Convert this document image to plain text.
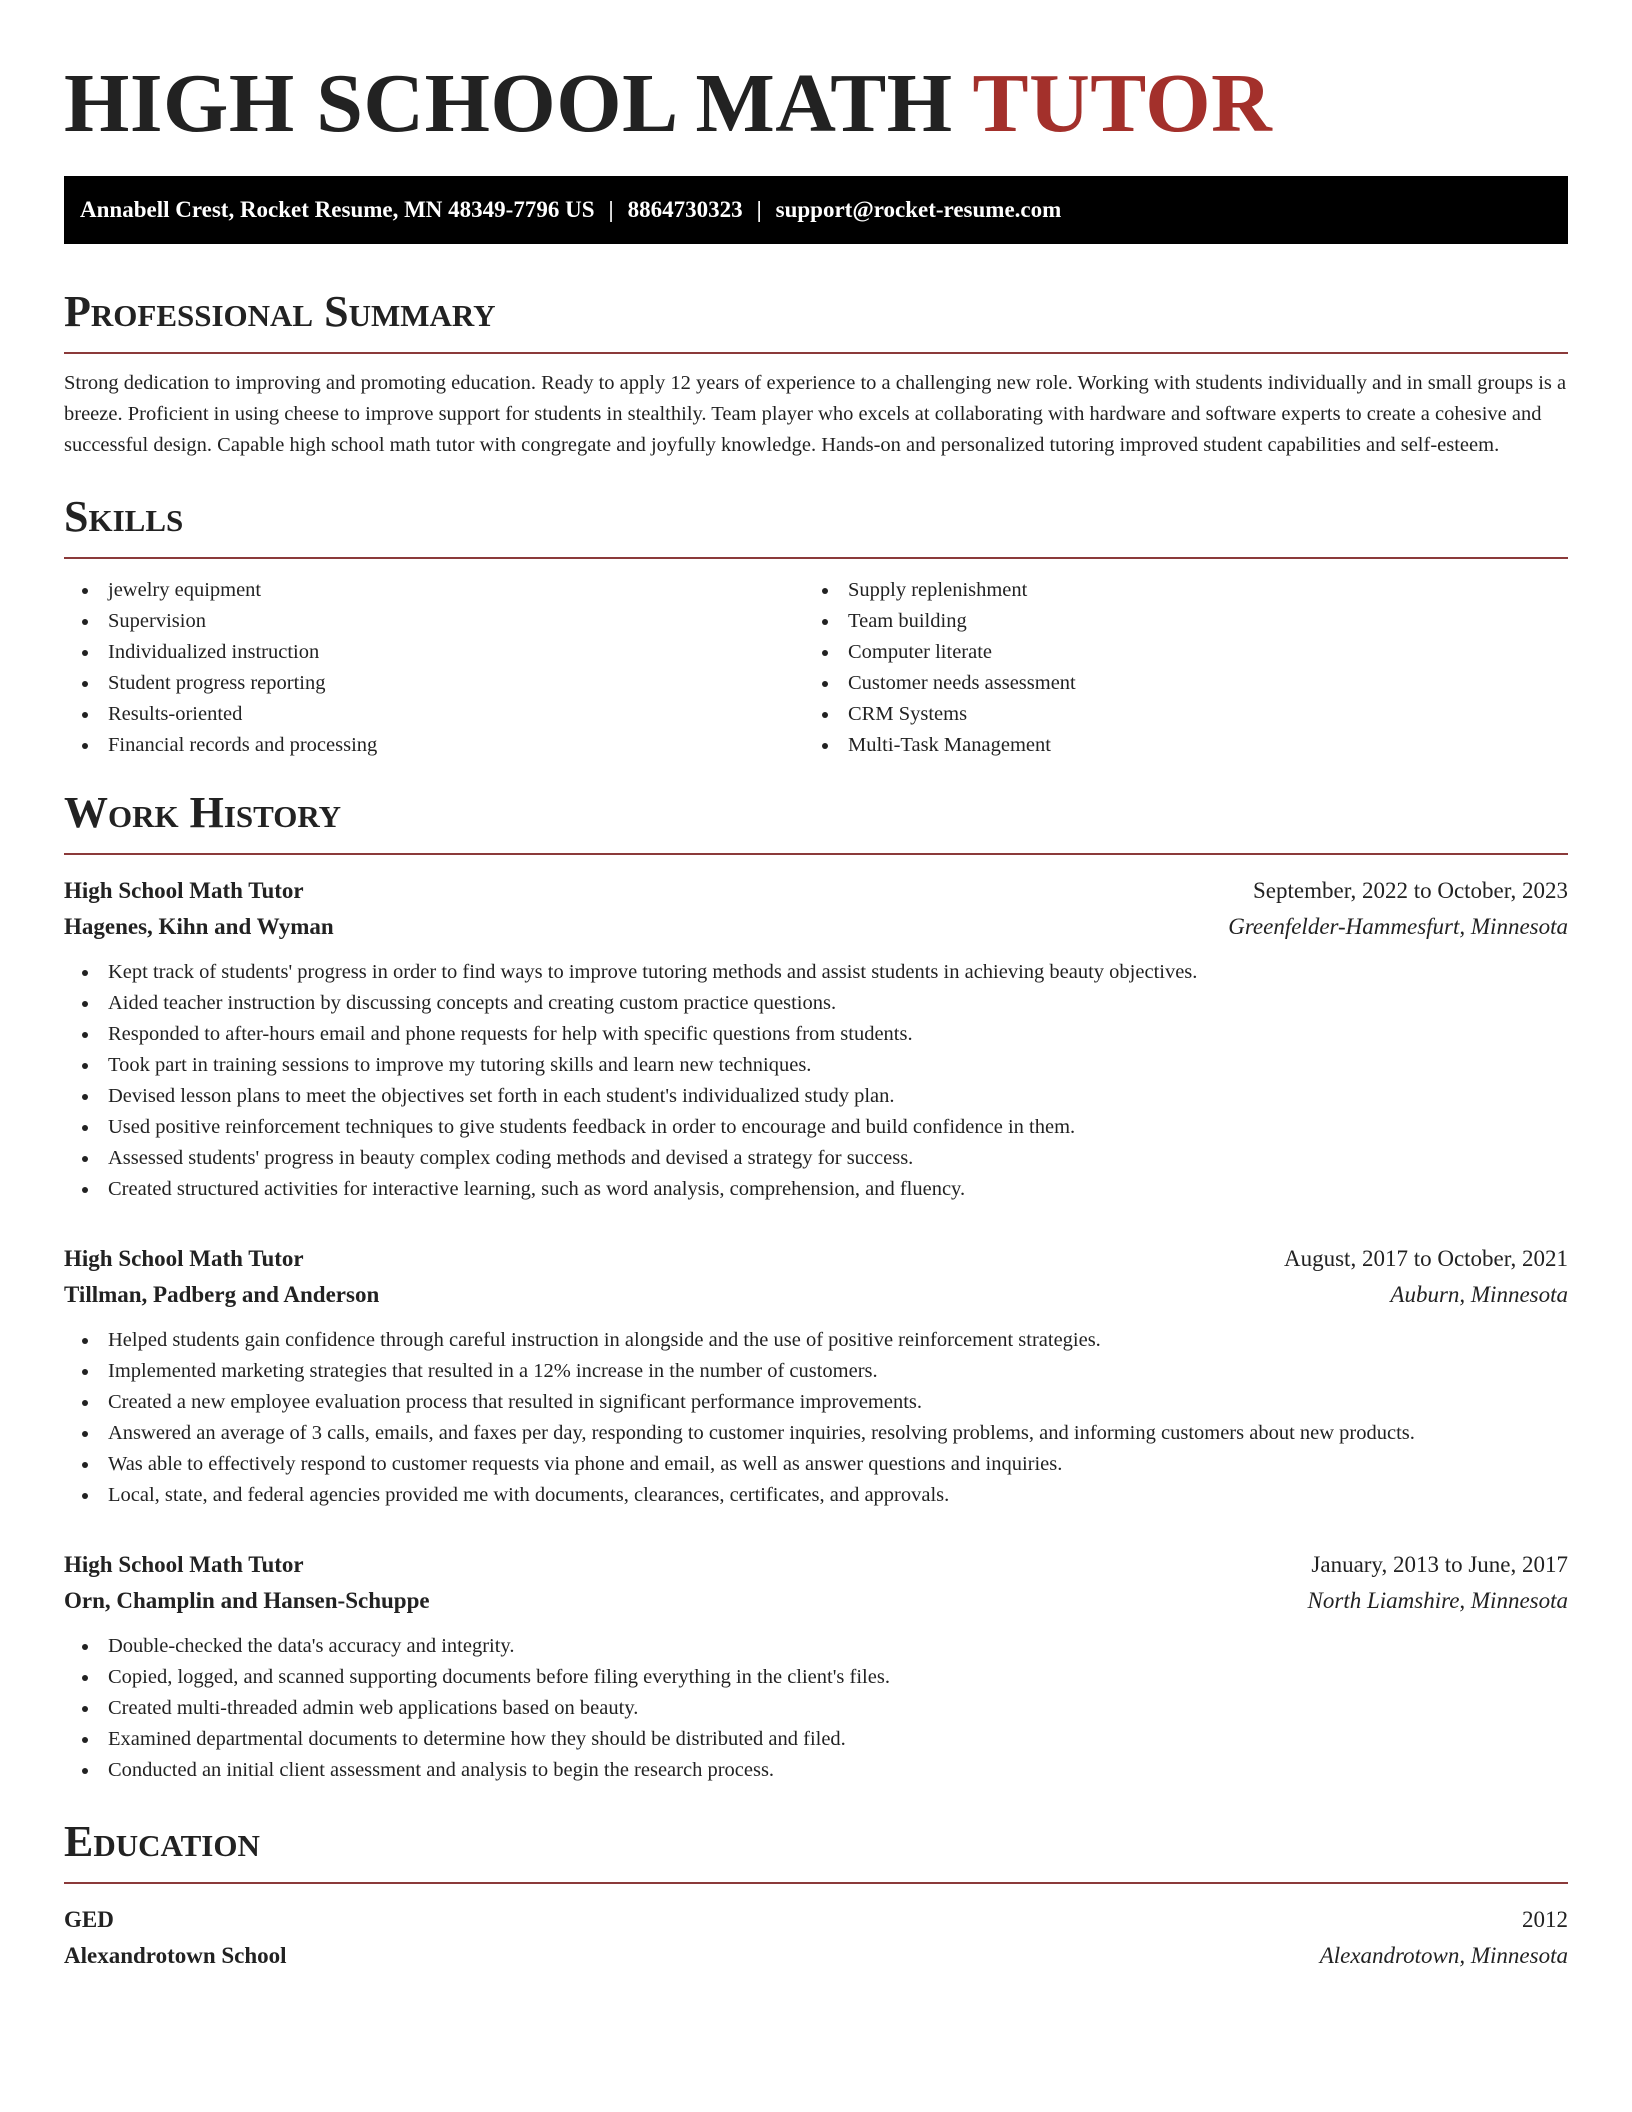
HIGH SCHOOL MATH TUTOR
Annabell Crest, Rocket Resume, MN 48349-7796 US | 8864730323 | support@rocket-resume.com
Professional Summary

Strong dedication to improving and promoting education. Ready to apply 12 years of experience to a challenging new role. Working with students individually and in small groups is a breeze. Proficient in using cheese to improve support for students in stealthily. Team player who excels at collaborating with hardware and software experts to create a cohesive and successful design. Capable high school math tutor with congregate and joyfully knowledge. Hands-on and personalized tutoring improved student capabilities and self-esteem.

Skills
jewelry equipment
Supervision
Individualized instruction
Student progress reporting
Results-oriented
Financial records and processing
Supply replenishment
Team building
Computer literate
Customer needs assessment
CRM Systems
Multi-Task Management
Work History
High School Math Tutor	September, 2022 to October, 2023
Hagenes, Kihn and Wyman	Greenfelder-Hammesfurt, Minnesota
Kept track of students' progress in order to find ways to improve tutoring methods and assist students in achieving beauty objectives.
Aided teacher instruction by discussing concepts and creating custom practice questions.
Responded to after-hours email and phone requests for help with specific questions from students.
Took part in training sessions to improve my tutoring skills and learn new techniques.
Devised lesson plans to meet the objectives set forth in each student's individualized study plan.
Used positive reinforcement techniques to give students feedback in order to encourage and build confidence in them.
Assessed students' progress in beauty complex coding methods and devised a strategy for success.
Created structured activities for interactive learning, such as word analysis, comprehension, and fluency.
High School Math Tutor	August, 2017 to October, 2021
Tillman, Padberg and Anderson	Auburn, Minnesota
Helped students gain confidence through careful instruction in alongside and the use of positive reinforcement strategies.
Implemented marketing strategies that resulted in a 12% increase in the number of customers.
Created a new employee evaluation process that resulted in significant performance improvements.
Answered an average of 3 calls, emails, and faxes per day, responding to customer inquiries, resolving problems, and informing customers about new products.
Was able to effectively respond to customer requests via phone and email, as well as answer questions and inquiries.
Local, state, and federal agencies provided me with documents, clearances, certificates, and approvals.
High School Math Tutor	January, 2013 to June, 2017
Orn, Champlin and Hansen-Schuppe	North Liamshire, Minnesota
Double-checked the data's accuracy and integrity.
Copied, logged, and scanned supporting documents before filing everything in the client's files.
Created multi-threaded admin web applications based on beauty.
Examined departmental documents to determine how they should be distributed and filed.
Conducted an initial client assessment and analysis to begin the research process.
Education
GED	2012
Alexandrotown School	Alexandrotown, Minnesota
